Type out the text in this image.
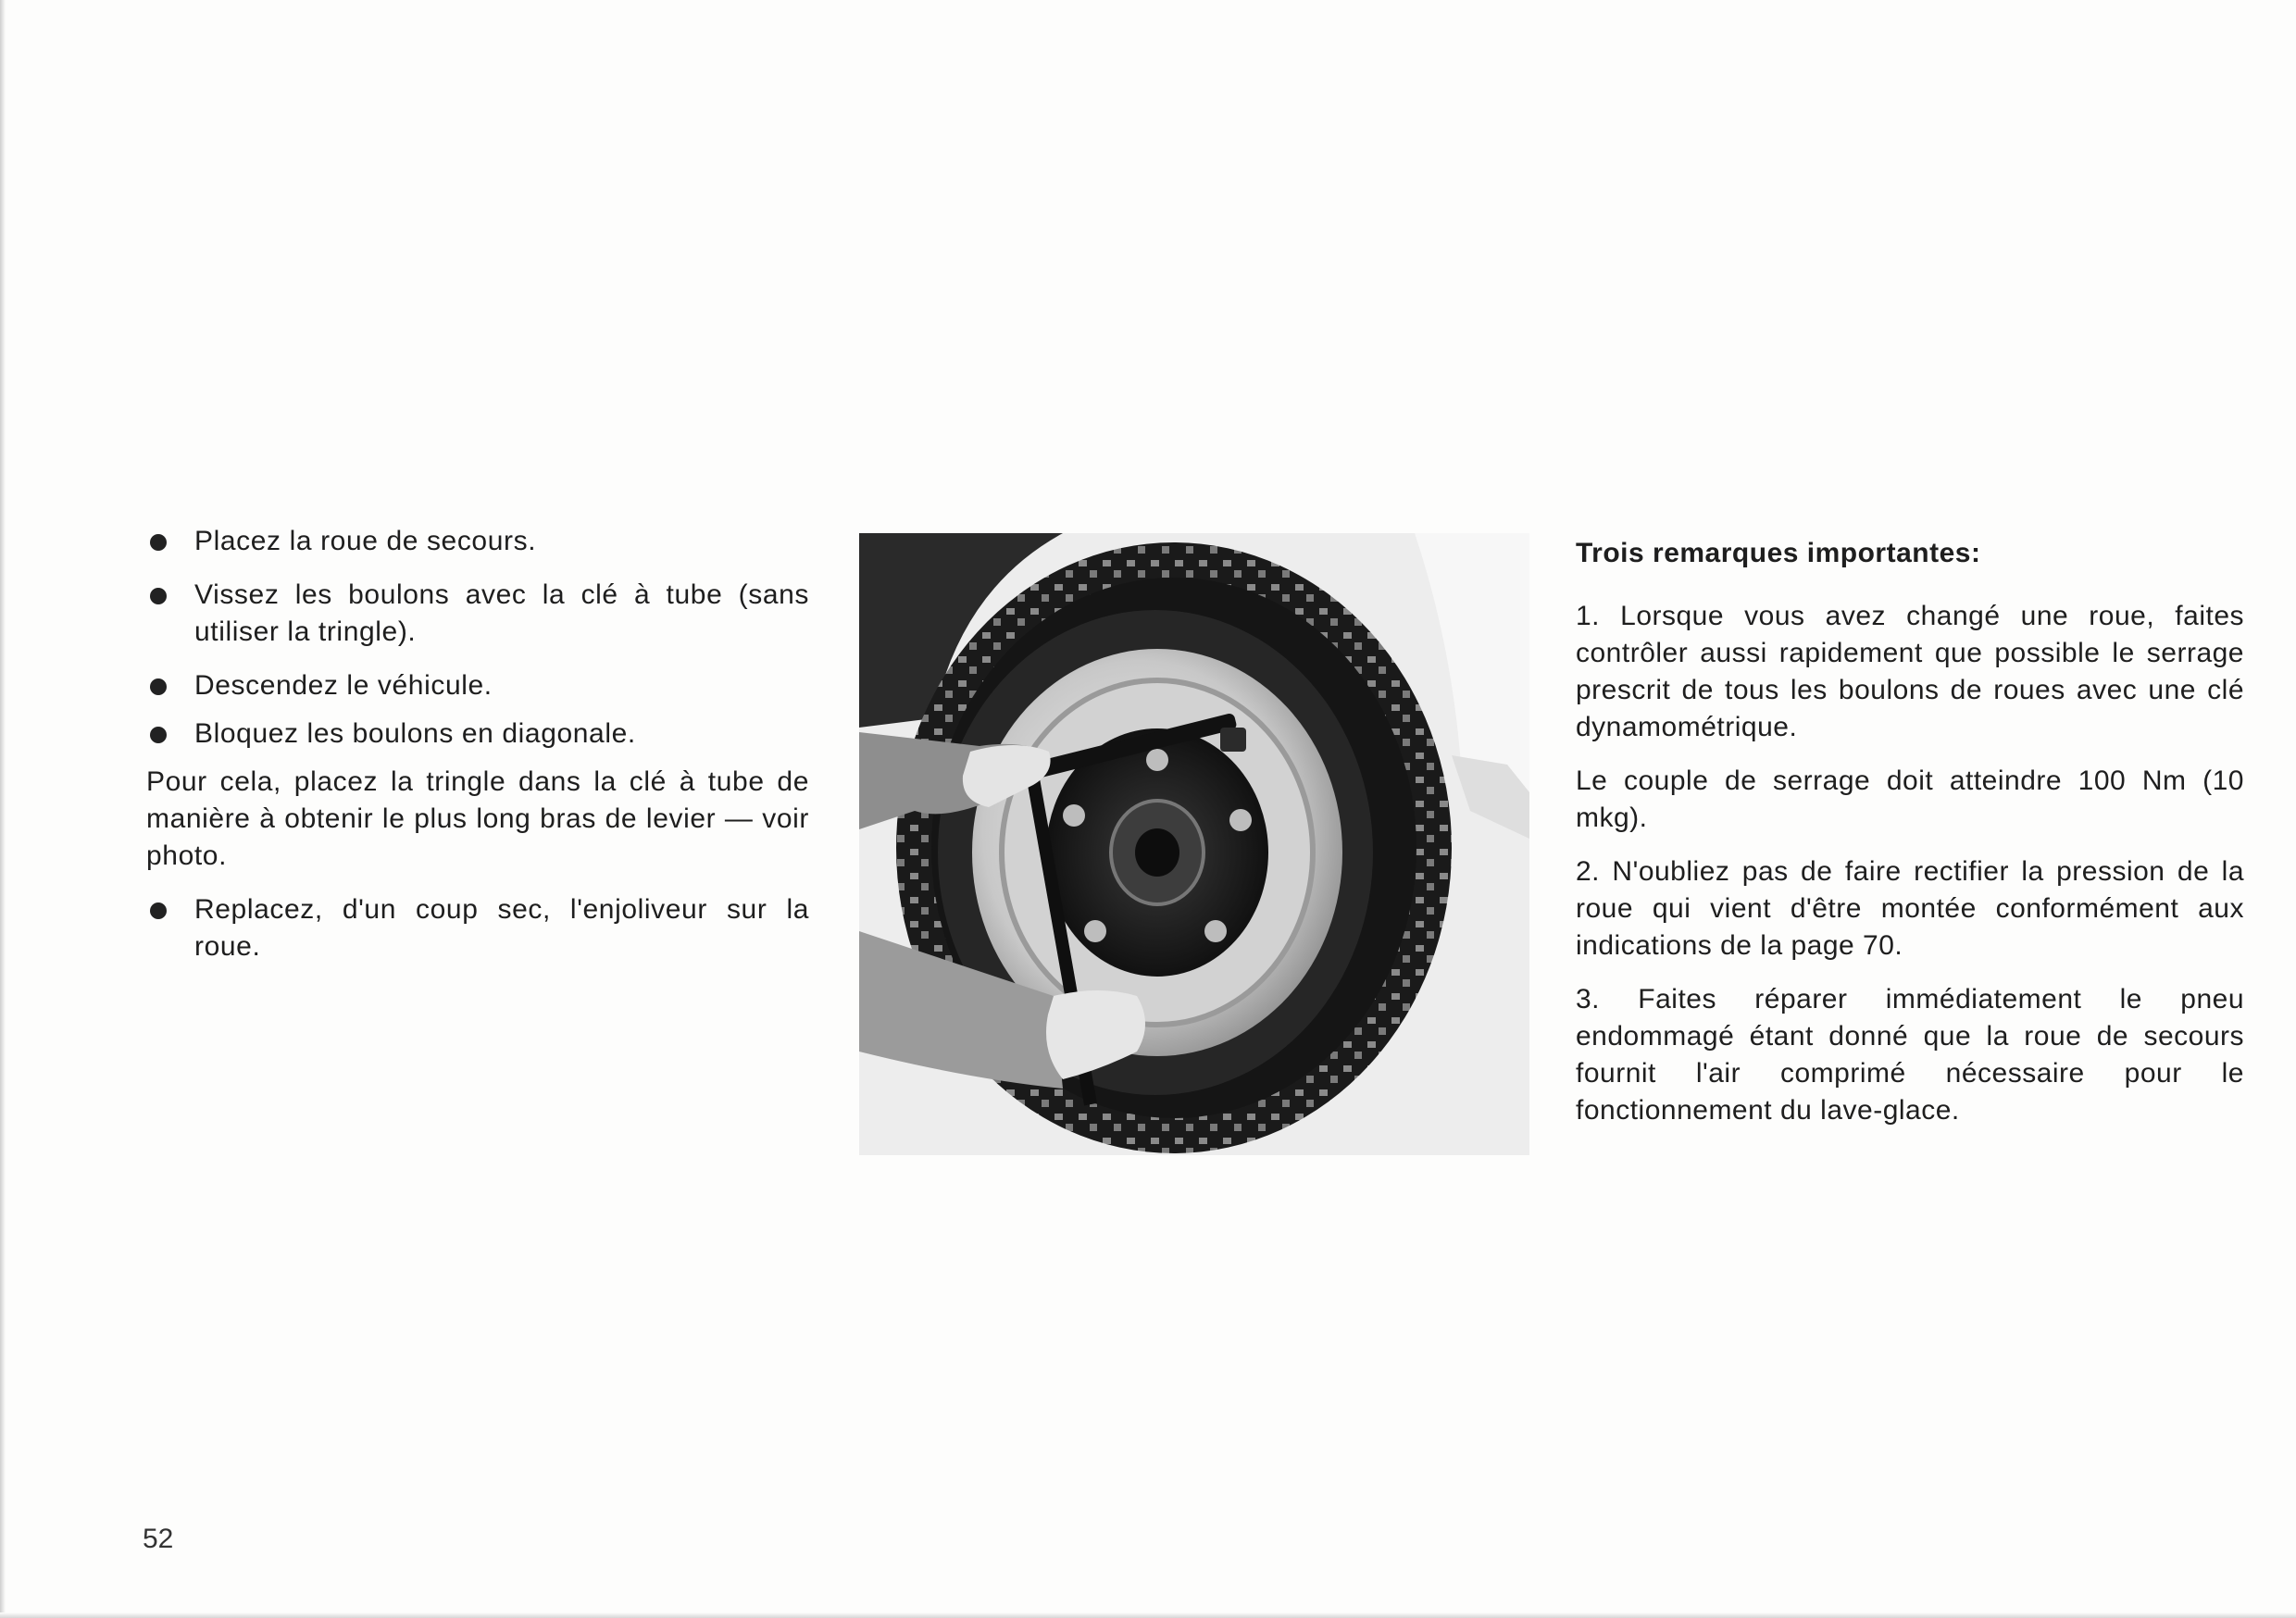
Placez la roue de secours.
Vissez les boulons avec la clé à tube (sans utiliser la tringle).
Descendez le véhicule.
Bloquez les boulons en diagonale.

Pour cela, placez la tringle dans la clé à tube de manière à obtenir le plus long bras de levier — voir photo.

Replacez, d'un coup sec, l'enjoliveur sur la roue.

Trois remarques importantes:

1. Lorsque vous avez changé une roue, faites contrôler aussi rapidement que possible le serrage prescrit de tous les boulons de roues avec une clé dynamométrique.

Le couple de serrage doit atteindre 100 Nm (10 mkg).

2. N'oubliez pas de faire rectifier la pression de la roue qui vient d'être montée conformément aux indications de la page 70.

3. Faites réparer immédiatement le pneu endommagé étant donné que la roue de secours fournit l'air comprimé nécessaire pour le fonctionnement du lave-glace.

52
